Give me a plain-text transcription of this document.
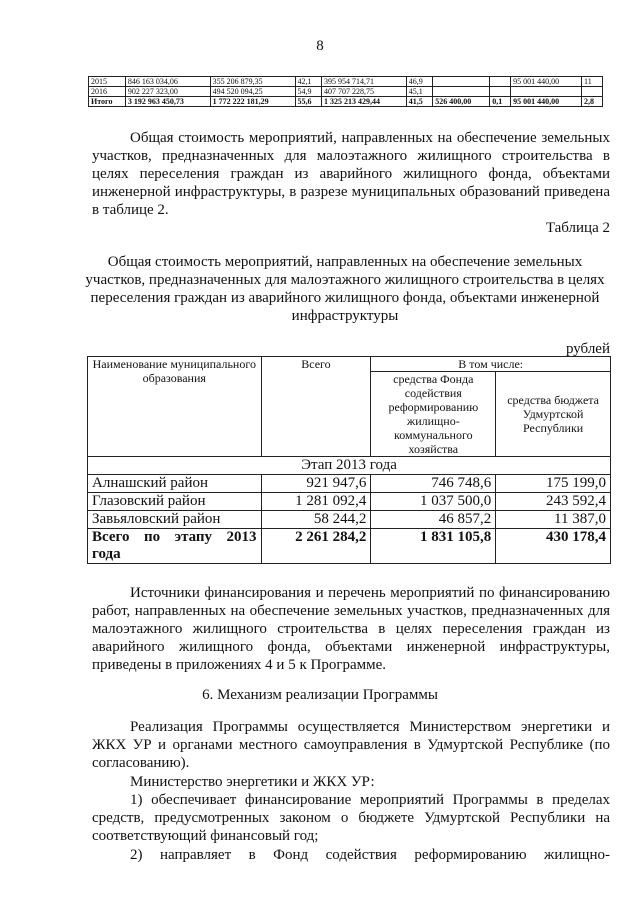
8
2015	846 163 034,06	355 206 879,35	42,1	395 954 714,71	46,9			95 001 440,00	11
2016	902 227 323,00	494 520 094,25	54,9	407 707 228,75	45,1				
Итого	3 192 963 450,73	1 772 222 181,29	55,6	1 325 213 429,44	41,5	526 400,00	0,1	95 001 440,00	2,8
Общая стоимость мероприятий, направленных на обеспечение земельных участков, предназначенных для малоэтажного жилищного строительства в целях переселения граждан из аварийного жилищного фонда, объектами инженерной инфраструктуры, в разрезе муниципальных образований приведена в таблице 2.
Таблица 2
Общая стоимость мероприятий, направленных на обеспечение земельных участков, предназначенных для малоэтажного жилищного строительства в целях переселения граждан из аварийного жилищного фонда, объектами инженерной инфраструктуры
рублей
Наименование муниципального образования	Всего	В том числе:	
		средства Фонда содействия реформированию жилищно-коммунального хозяйства	средства бюджета Удмуртской Республики
Этап 2013 года			
Алнашский район	921 947,6	746 748,6	175 199,0
Глазовский район	1 281 092,4	1 037 500,0	243 592,4
Завьяловский район	58 244,2	46 857,2	11 387,0
Всего по этапу 2013 года	2 261 284,2	1 831 105,8	430 178,4
Источники финансирования и перечень мероприятий по финансированию работ, направленных на обеспечение земельных участков, предназначенных для малоэтажного жилищного строительства в целях переселения граждан из аварийного жилищного фонда, объектами инженерной инфраструктуры, приведены в приложениях 4 и 5 к Программе.
6. Механизм реализации Программы
Реализация Программы осуществляется Министерством энергетики и ЖКХ УР и органами местного самоуправления в Удмуртской Республике (по согласованию).
Министерство энергетики и ЖКХ УР:
1) обеспечивает финансирование мероприятий Программы в пределах средств, предусмотренных законом о бюджете Удмуртской Республики на соответствующий финансовый год;
2) направляет в Фонд содействия реформированию жилищно-
